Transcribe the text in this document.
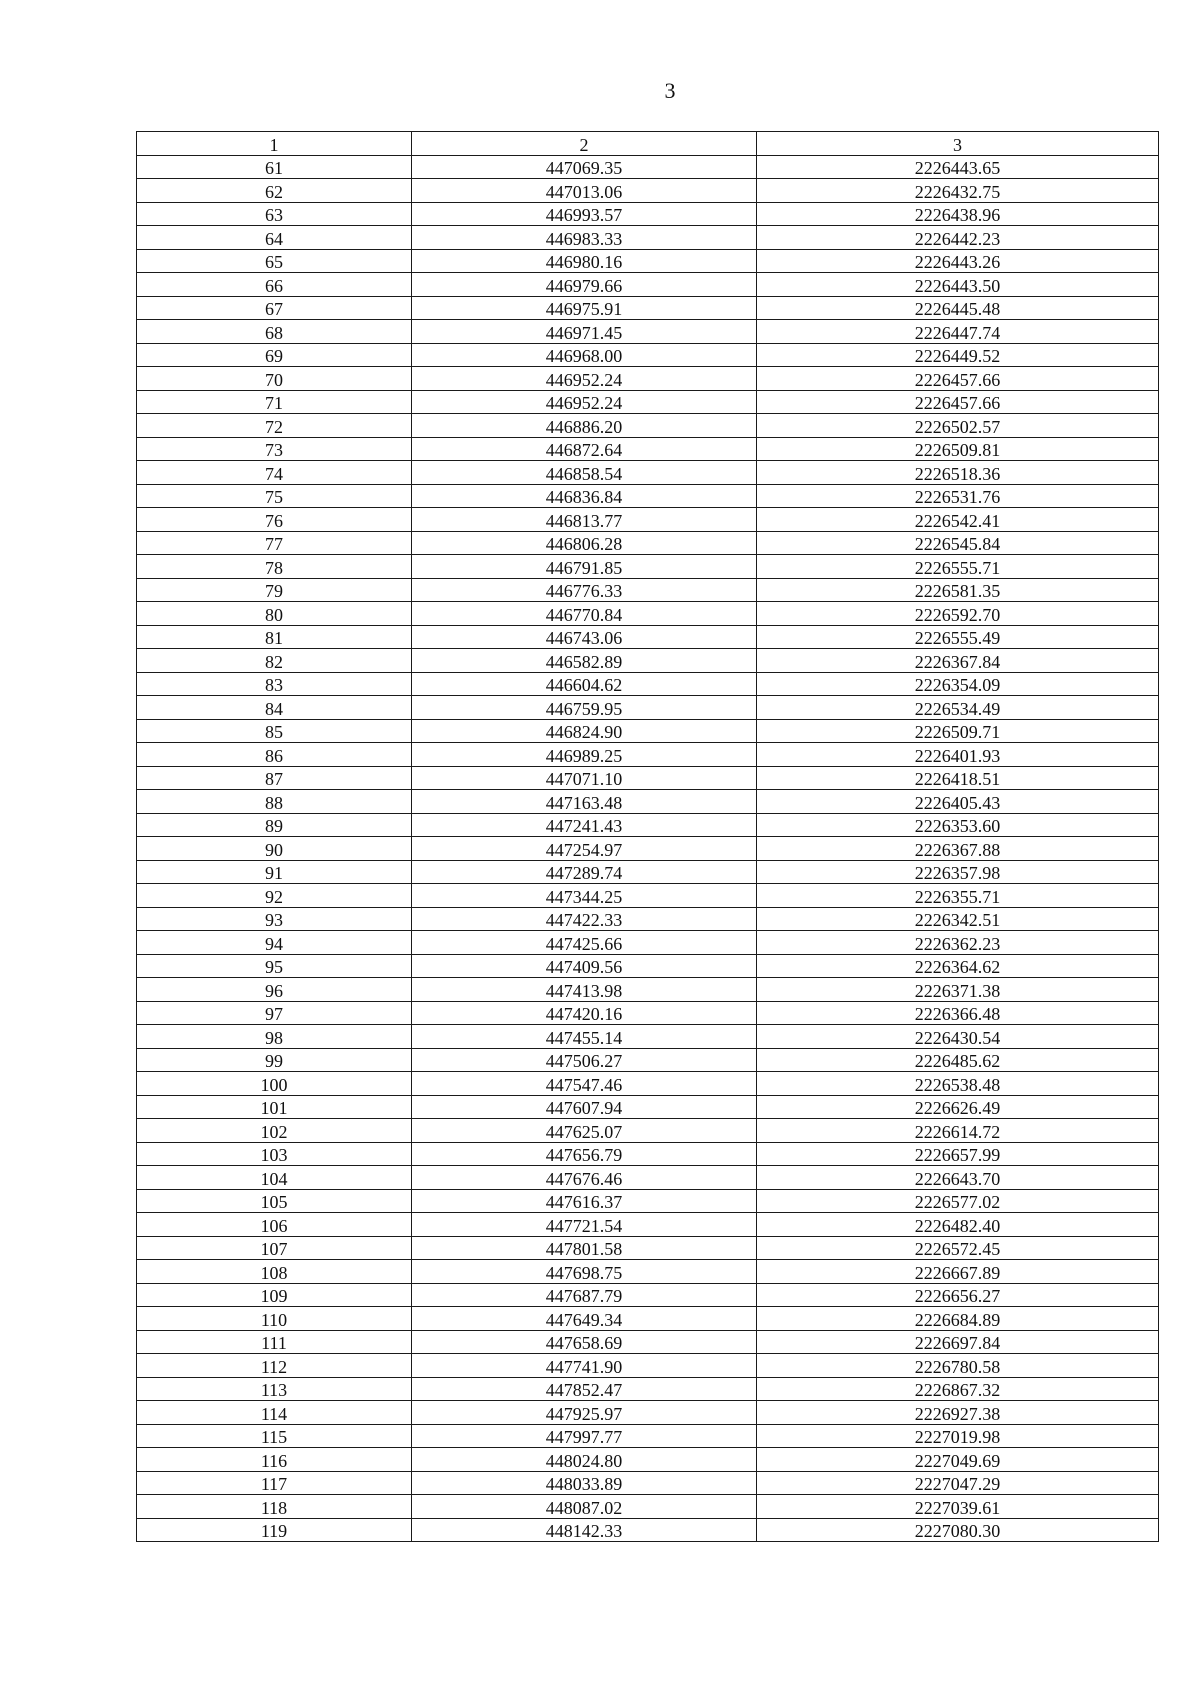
3
1	2	3
61	447069.35	2226443.65
62	447013.06	2226432.75
63	446993.57	2226438.96
64	446983.33	2226442.23
65	446980.16	2226443.26
66	446979.66	2226443.50
67	446975.91	2226445.48
68	446971.45	2226447.74
69	446968.00	2226449.52
70	446952.24	2226457.66
71	446952.24	2226457.66
72	446886.20	2226502.57
73	446872.64	2226509.81
74	446858.54	2226518.36
75	446836.84	2226531.76
76	446813.77	2226542.41
77	446806.28	2226545.84
78	446791.85	2226555.71
79	446776.33	2226581.35
80	446770.84	2226592.70
81	446743.06	2226555.49
82	446582.89	2226367.84
83	446604.62	2226354.09
84	446759.95	2226534.49
85	446824.90	2226509.71
86	446989.25	2226401.93
87	447071.10	2226418.51
88	447163.48	2226405.43
89	447241.43	2226353.60
90	447254.97	2226367.88
91	447289.74	2226357.98
92	447344.25	2226355.71
93	447422.33	2226342.51
94	447425.66	2226362.23
95	447409.56	2226364.62
96	447413.98	2226371.38
97	447420.16	2226366.48
98	447455.14	2226430.54
99	447506.27	2226485.62
100	447547.46	2226538.48
101	447607.94	2226626.49
102	447625.07	2226614.72
103	447656.79	2226657.99
104	447676.46	2226643.70
105	447616.37	2226577.02
106	447721.54	2226482.40
107	447801.58	2226572.45
108	447698.75	2226667.89
109	447687.79	2226656.27
110	447649.34	2226684.89
111	447658.69	2226697.84
112	447741.90	2226780.58
113	447852.47	2226867.32
114	447925.97	2226927.38
115	447997.77	2227019.98
116	448024.80	2227049.69
117	448033.89	2227047.29
118	448087.02	2227039.61
119	448142.33	2227080.30
